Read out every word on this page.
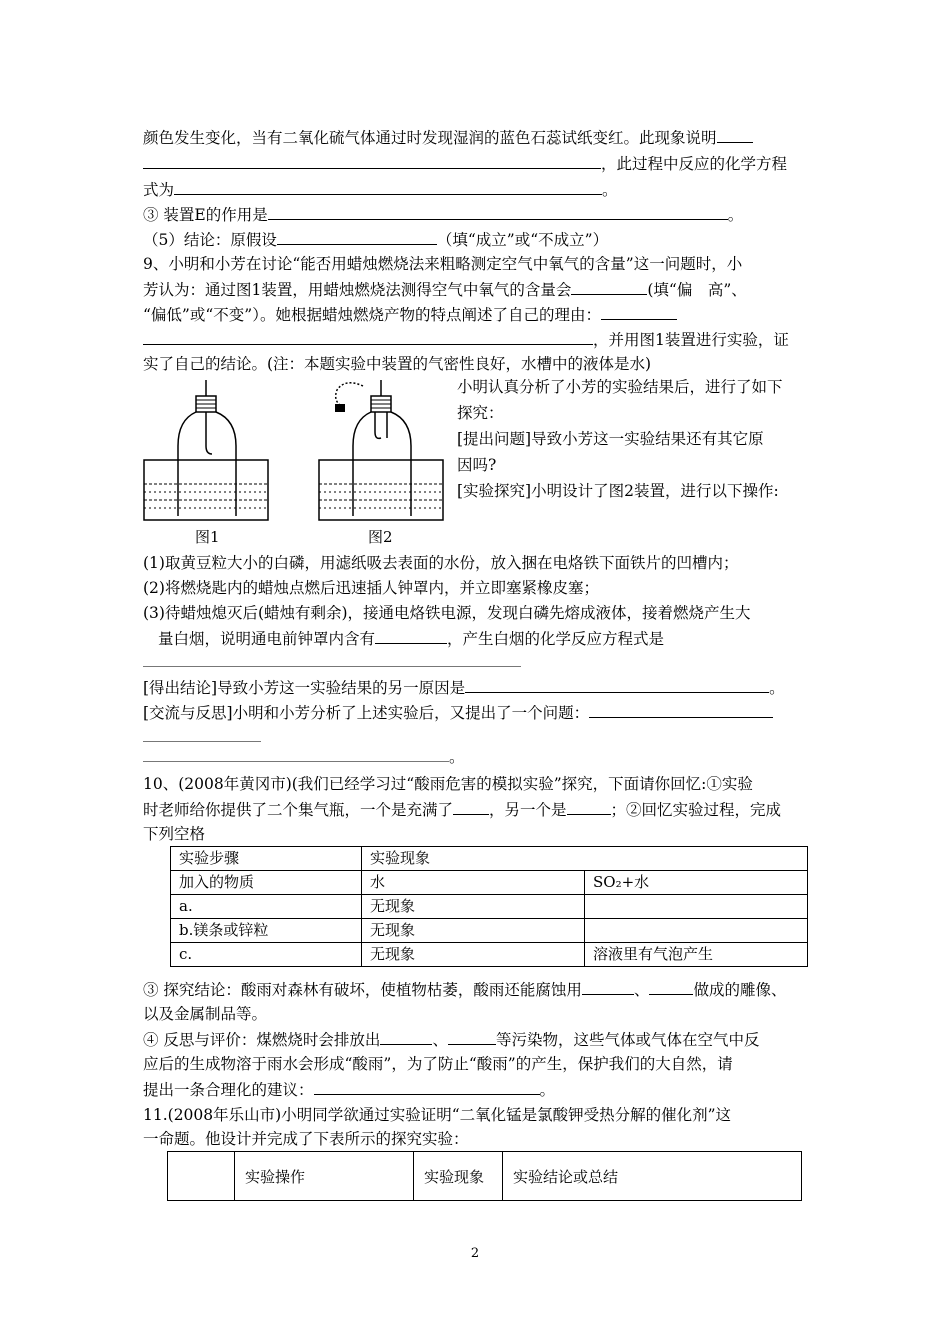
颜色发生变化，当有二氧化硫气体通过时发现湿润的蓝色石蕊试纸变红。此现象说明
，此过程中反应的化学方程
式为	。
③ 装置E的作用是	。
（5）结论：原假设	（填“成立”或“不成立”）
9、小明和小芳在讨论“能否用蜡烛燃烧法来粗略测定空气中氧气的含量”这一问题时，小
芳认为：通过图1装置，用蜡烛燃烧法测得空气中氧气的含量会	(填“偏　高”、
“偏低”或“不变”）。她根据蜡烛燃烧产物的特点阐述了自己的理由：
，并用图1装置进行实验，证
实了自己的结论。(注：本题实验中装置的气密性良好，水槽中的液体是水)
图1	图2
小明认真分析了小芳的实验结果后，进行了如下
探究：
[提出问题]导致小芳这一实验结果还有其它原
因吗?
[实验探究]小明设计了图2装置，进行以下操作:
(1)取黄豆粒大小的白磷，用滤纸吸去表面的水份，放入捆在电烙铁下面铁片的凹槽内；
(2)将燃烧匙内的蜡烛点燃后迅速插人钟罩内，并立即塞紧橡皮塞；
(3)待蜡烛熄灭后(蜡烛有剩余)，接通电烙铁电源，发现白磷先熔成液体，接着燃烧产生大
量白烟，说明通电前钟罩内含有	，产生白烟的化学反应方程式是
[得出结论]导致小芳这一实验结果的另一原因是	。
[交流与反思]小明和小芳分析了上述实验后，又提出了一个问题：
。
10、(2008年黄冈市)(我们已经学习过“酸雨危害的模拟实验”探究，下面请你回忆:①实验
时老师给你提供了二个集气瓶，一个是充满了 ，另一个是	；②回忆实验过程，完成
下列空格
实验步骤	实验现象	
加入的物质	水	SO₂+水
a.	无现象	
b.镁条或锌粒	无现象	
c.	无现象	溶液里有气泡产生
③ 探究结论：酸雨对森林有破坏，使植物枯萎，酸雨还能腐蚀用	、	做成的雕像、
以及金属制品等。
④ 反思与评价：煤燃烧时会排放出	、	等污染物，这些气体或气体在空气中反
应后的生成物溶于雨水会形成“酸雨”，为了防止“酸雨”的产生，保护我们的大自然，请
提出一条合理化的建议：	。
11.(2008年乐山市)小明同学欲通过实验证明“二氧化锰是氯酸钾受热分解的催化剂”这
一命题。他设计并完成了下表所示的探究实验：
	实验操作	实验现象	实验结论或总结
2
